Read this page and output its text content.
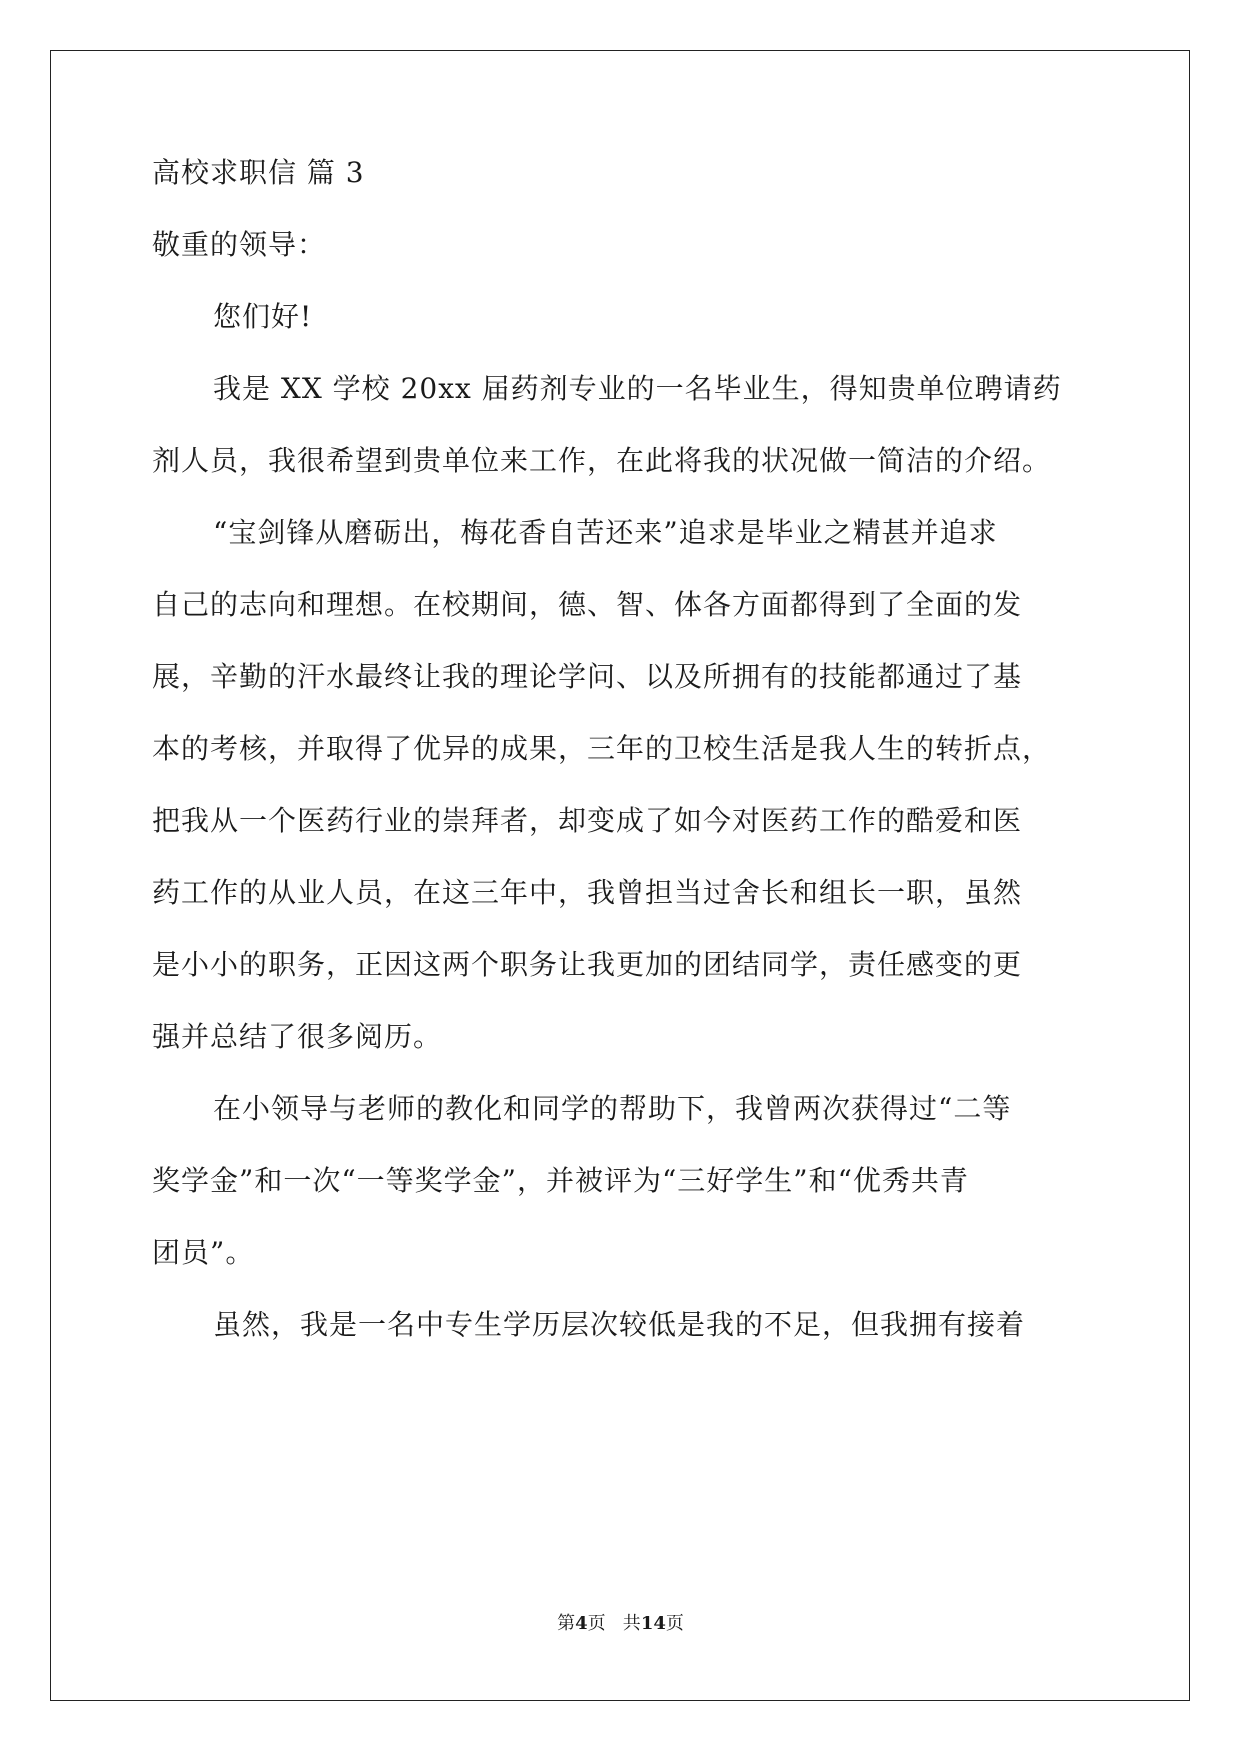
高校求职信 篇 3
敬重的领导：
您们好!
我是 XX 学校 20xx 届药剂专业的一名毕业生，得知贵单位聘请药
剂人员，我很希望到贵单位来工作，在此将我的状况做一简洁的介绍。
“宝剑锋从磨砺出，梅花香自苦还来”追求是毕业之精甚并追求
自己的志向和理想。在校期间，德、智、体各方面都得到了全面的发
展，辛勤的汗水最终让我的理论学问、以及所拥有的技能都通过了基
本的考核，并取得了优异的成果，三年的卫校生活是我人生的转折点，
把我从一个医药行业的崇拜者，却变成了如今对医药工作的酷爱和医
药工作的从业人员，在这三年中，我曾担当过舍长和组长一职，虽然
是小小的职务，正因这两个职务让我更加的团结同学，责任感变的更
强并总结了很多阅历。
在小领导与老师的教化和同学的帮助下，我曾两次获得过“二等
奖学金”和一次“一等奖学金”，并被评为“三好学生”和“优秀共青
团员”。
虽然，我是一名中专生学历层次较低是我的不足，但我拥有接着
第4页   共14页
